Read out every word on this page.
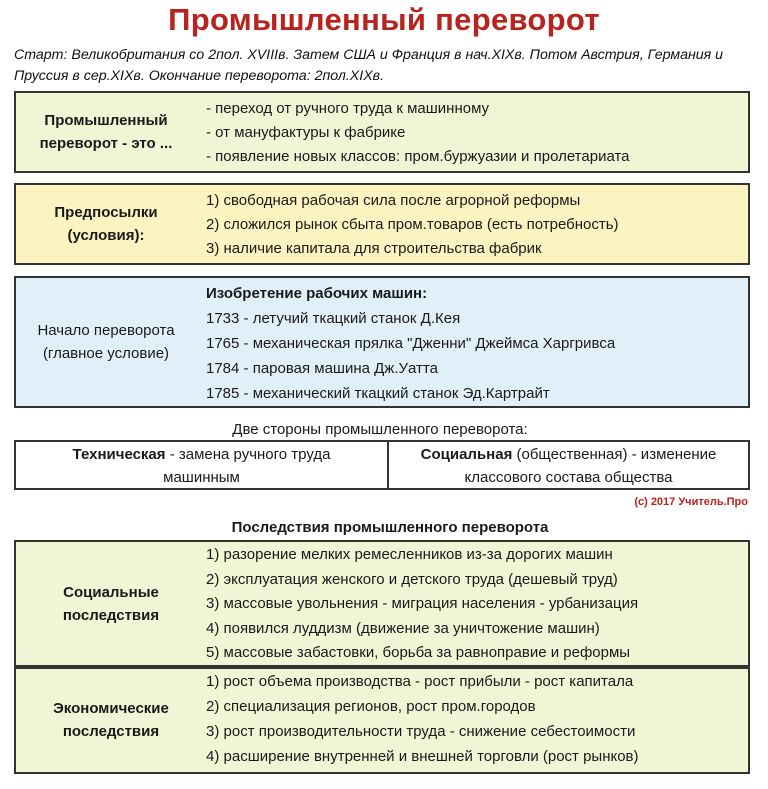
Промышленный переворот
Старт: Великобритания со 2пол. XVIIIв. Затем США и Франция в нач.XIXв. Потом Австрия, Германия и Пруссия в сер.XIXв. Окончание переворота: 2пол.XIXв.
Промышленный переворот - это ...
- переход от ручного труда к машинному
- от мануфактуры к фабрике
- появление новых классов: пром.буржуазии и пролетариата
Предпосылки (условия):
1) свободная рабочая сила после агрорной реформы
2) сложился рынок сбыта пром.товаров (есть потребность)
3) наличие капитала для строительства фабрик
Начало переворота (главное условие)
Изобретение рабочих машин:
1733 - летучий ткацкий станок Д.Кея
1765 - механическая прялка "Дженни" Джеймса Харгривса
1784 - паровая машина Дж.Уатта
1785 - механический ткацкий станок Эд.Картрайт
Две стороны промышленного переворота:
Техническая - замена ручного труда машинным
Социальная (общественная) - изменение классового состава общества
(c) 2017 Учитель.Про
Последствия промышленного переворота
Социальные последствия
1) разорение мелких ремесленников из-за дорогих машин
2) эксплуатация женского и детского труда (дешевый труд)
3) массовые увольнения - миграция населения - урбанизация
4) появился луддизм (движение за уничтожение машин)
5) массовые забастовки, борьба за равноправие и реформы
Экономические последствия
1) рост объема производства - рост прибыли - рост капитала
2) специализация регионов, рост пром.городов
3) рост производительности труда - снижение себестоимости
4) расширение внутренней и внешней торговли (рост рынков)
